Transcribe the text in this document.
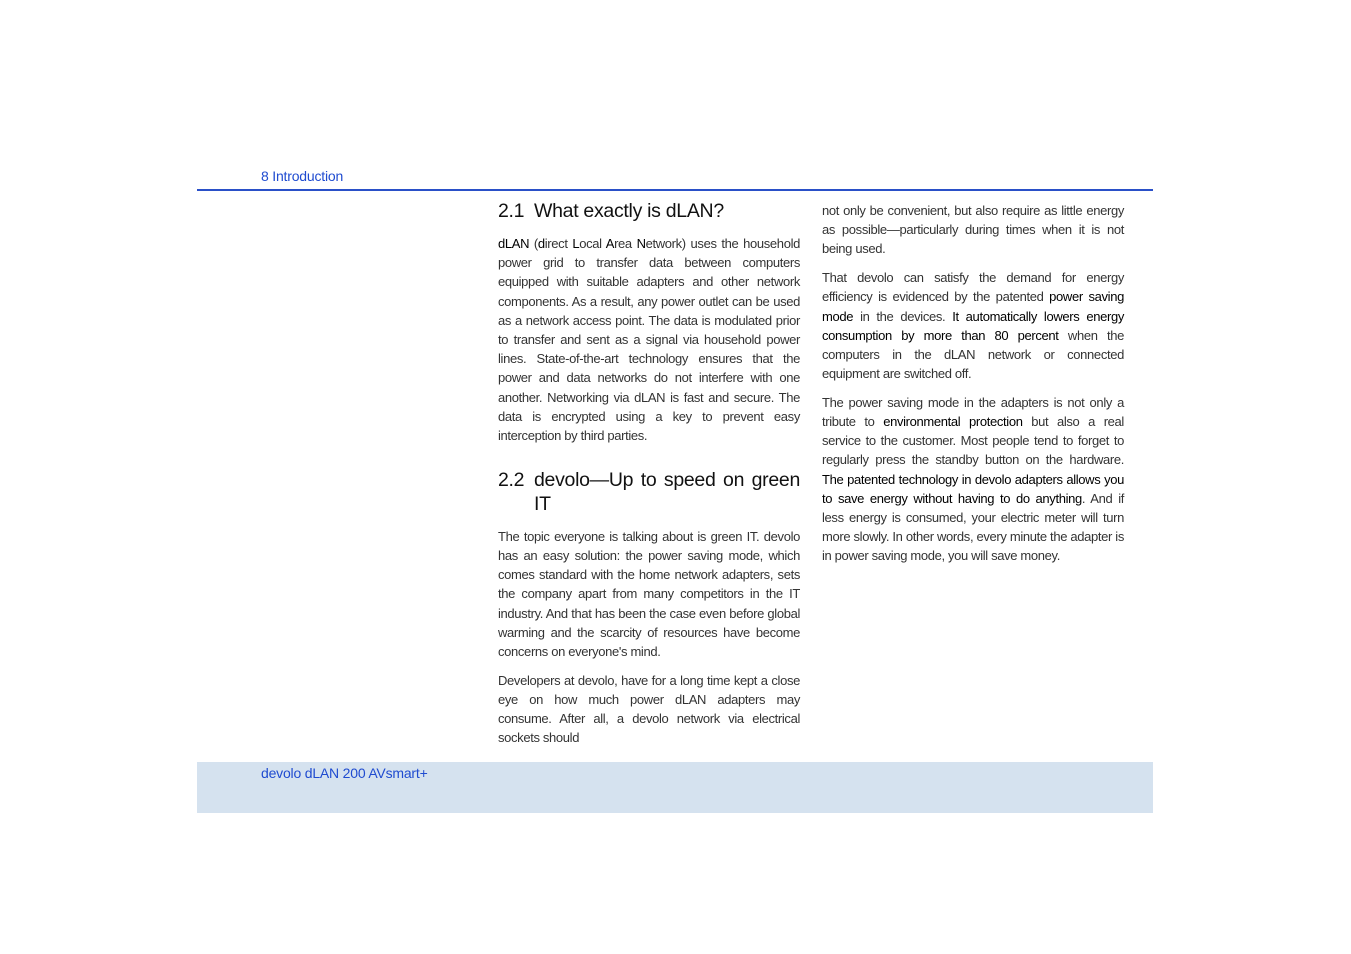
8 Introduction
2.1 What exactly is dLAN?

dLAN (direct Local Area Network) uses the household power grid to transfer data between computers equipped with suitable adapters and other network components. As a result, any power outlet can be used as a network access point. The data is modulated prior to transfer and sent as a signal via household power lines. State-of-the-art technology ensures that the power and data networks do not interfere with one another. Networking via dLAN is fast and secure. The data is encrypted using a key to prevent easy interception by third parties.

2.2 devolo—Up to speed on green IT

The topic everyone is talking about is green IT. devolo has an easy solution: the power saving mode, which comes standard with the home network adapters, sets the company apart from many competitors in the IT industry. And that has been the case even before global warming and the scarcity of resources have become concerns on everyone's mind.

Developers at devolo, have for a long time kept a close eye on how much power dLAN adapters may consume. After all, a devolo network via electrical sockets should

not only be convenient, but also require as little energy as possible—particularly during times when it is not being used.

That devolo can satisfy the demand for energy efficiency is evidenced by the patented power saving mode in the devices. It automatically lowers energy consumption by more than 80 percent when the computers in the dLAN network or connected equipment are switched off.

The power saving mode in the adapters is not only a tribute to environmental protection but also a real service to the customer. Most people tend to forget to regularly press the standby button on the hardware. The patented technology in devolo adapters allows you to save energy without having to do anything. And if less energy is consumed, your electric meter will turn more slowly. In other words, every minute the adapter is in power saving mode, you will save money.

devolo dLAN 200 AVsmart+
